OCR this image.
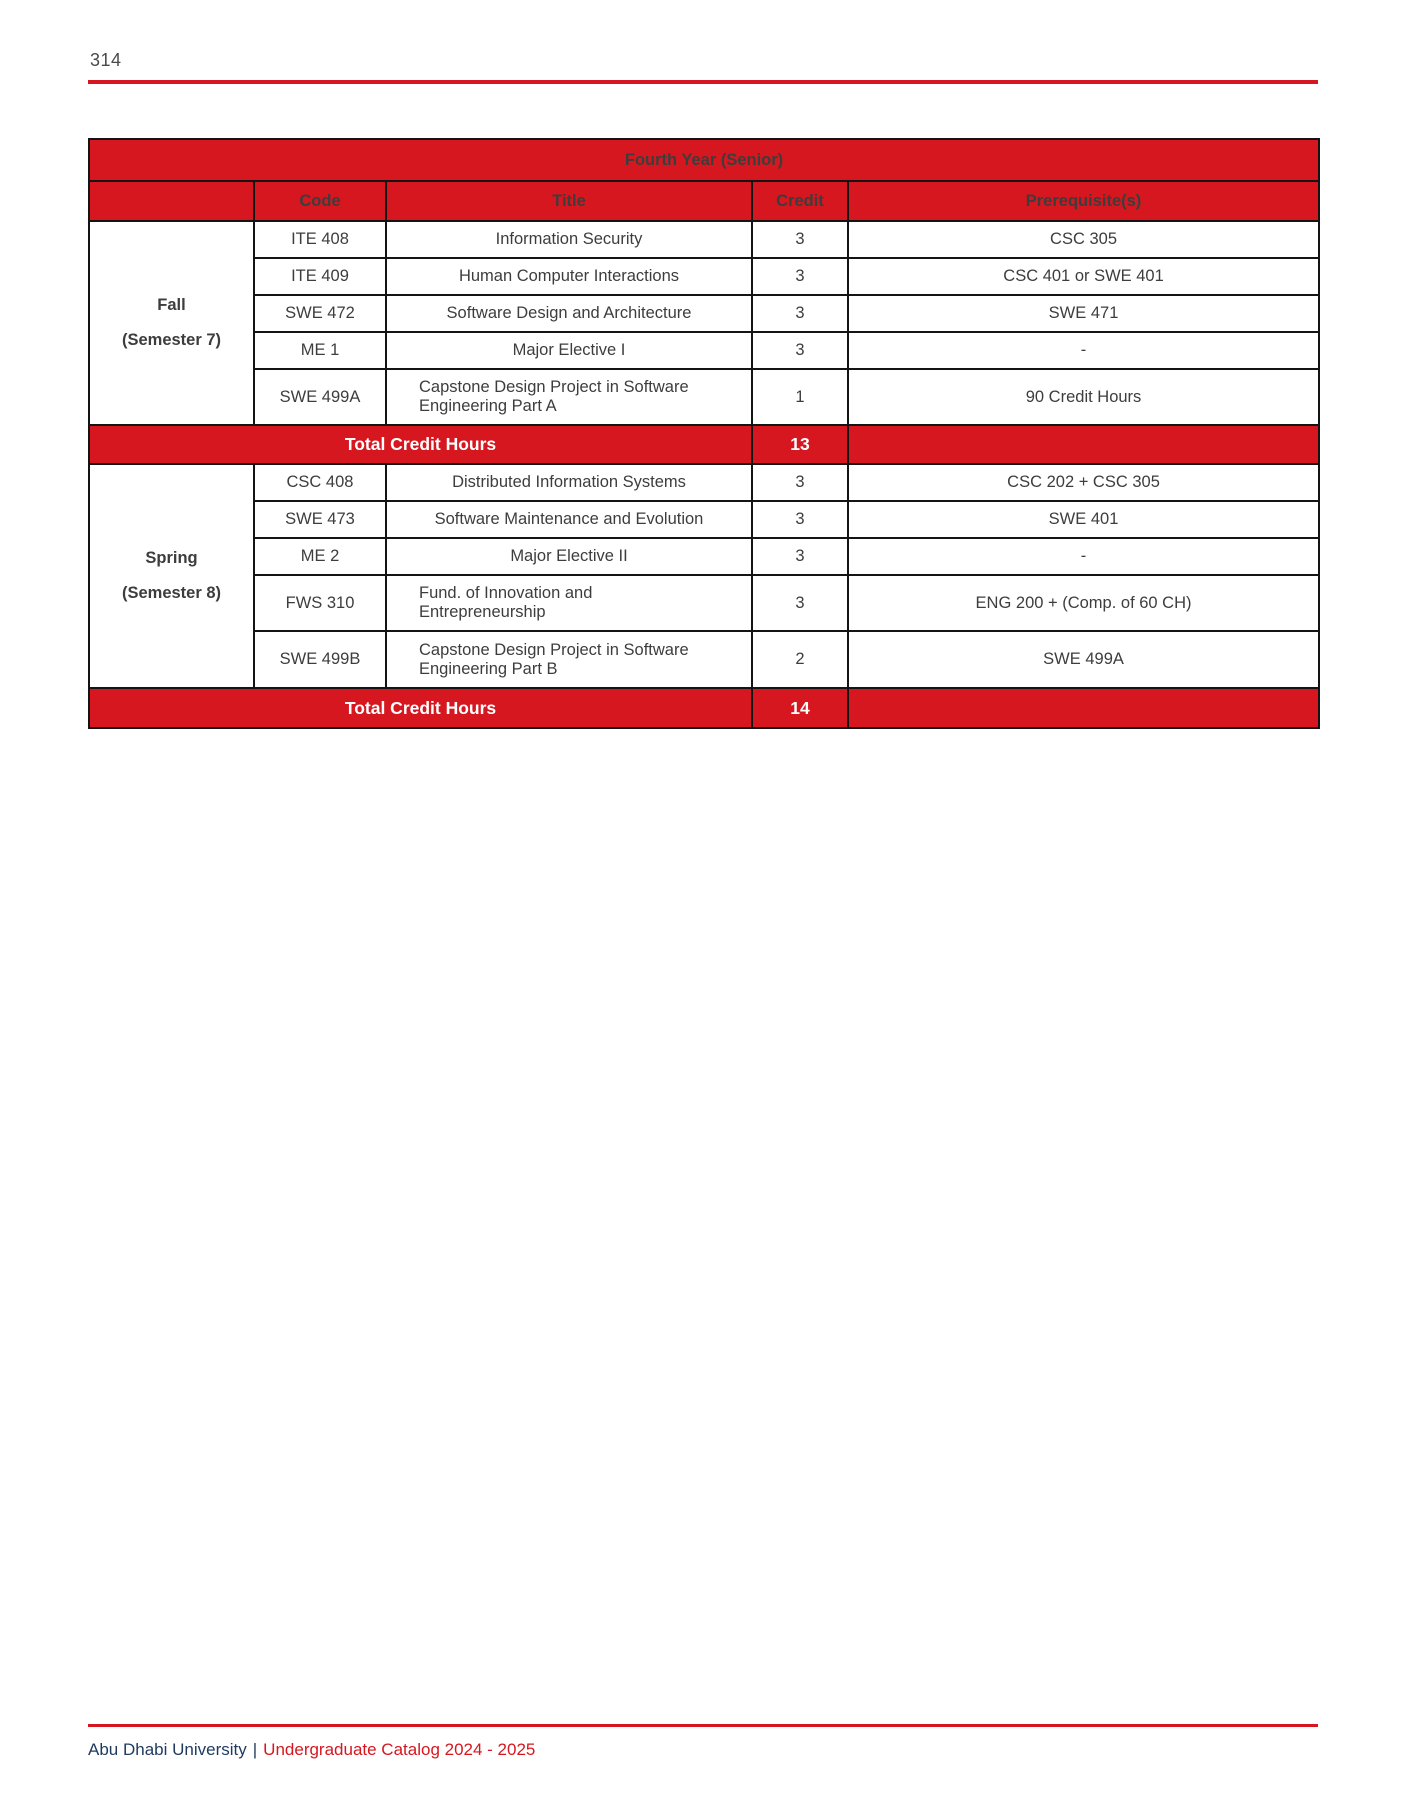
314
Fourth Year (Senior)				
	Code	Title	Credit	Prerequisite(s)

Fall
(Semester 7)	ITE 408	Information Security	3	CSC 305
	ITE 409	Human Computer Interactions	3	CSC 401 or SWE 401
	SWE 472	Software Design and Architecture	3	SWE 471
	ME 1	Major Elective I	3	-
	SWE 499A	Capstone Design Project in Software Engineering Part A	1	90 Credit Hours
Total Credit Hours			13	

Spring
(Semester 8)	CSC 408	Distributed Information Systems	3	CSC 202 + CSC 305
	SWE 473	Software Maintenance and Evolution	3	SWE 401
	ME 2	Major Elective II	3	-
	FWS 310	Fund. of Innovation and Entrepreneurship	3	ENG 200 + (Comp. of 60 CH)
	SWE 499B	Capstone Design Project in Software Engineering Part B	2	SWE 499A
Total Credit Hours			14	
Abu Dhabi University | Undergraduate Catalog 2024 - 2025
